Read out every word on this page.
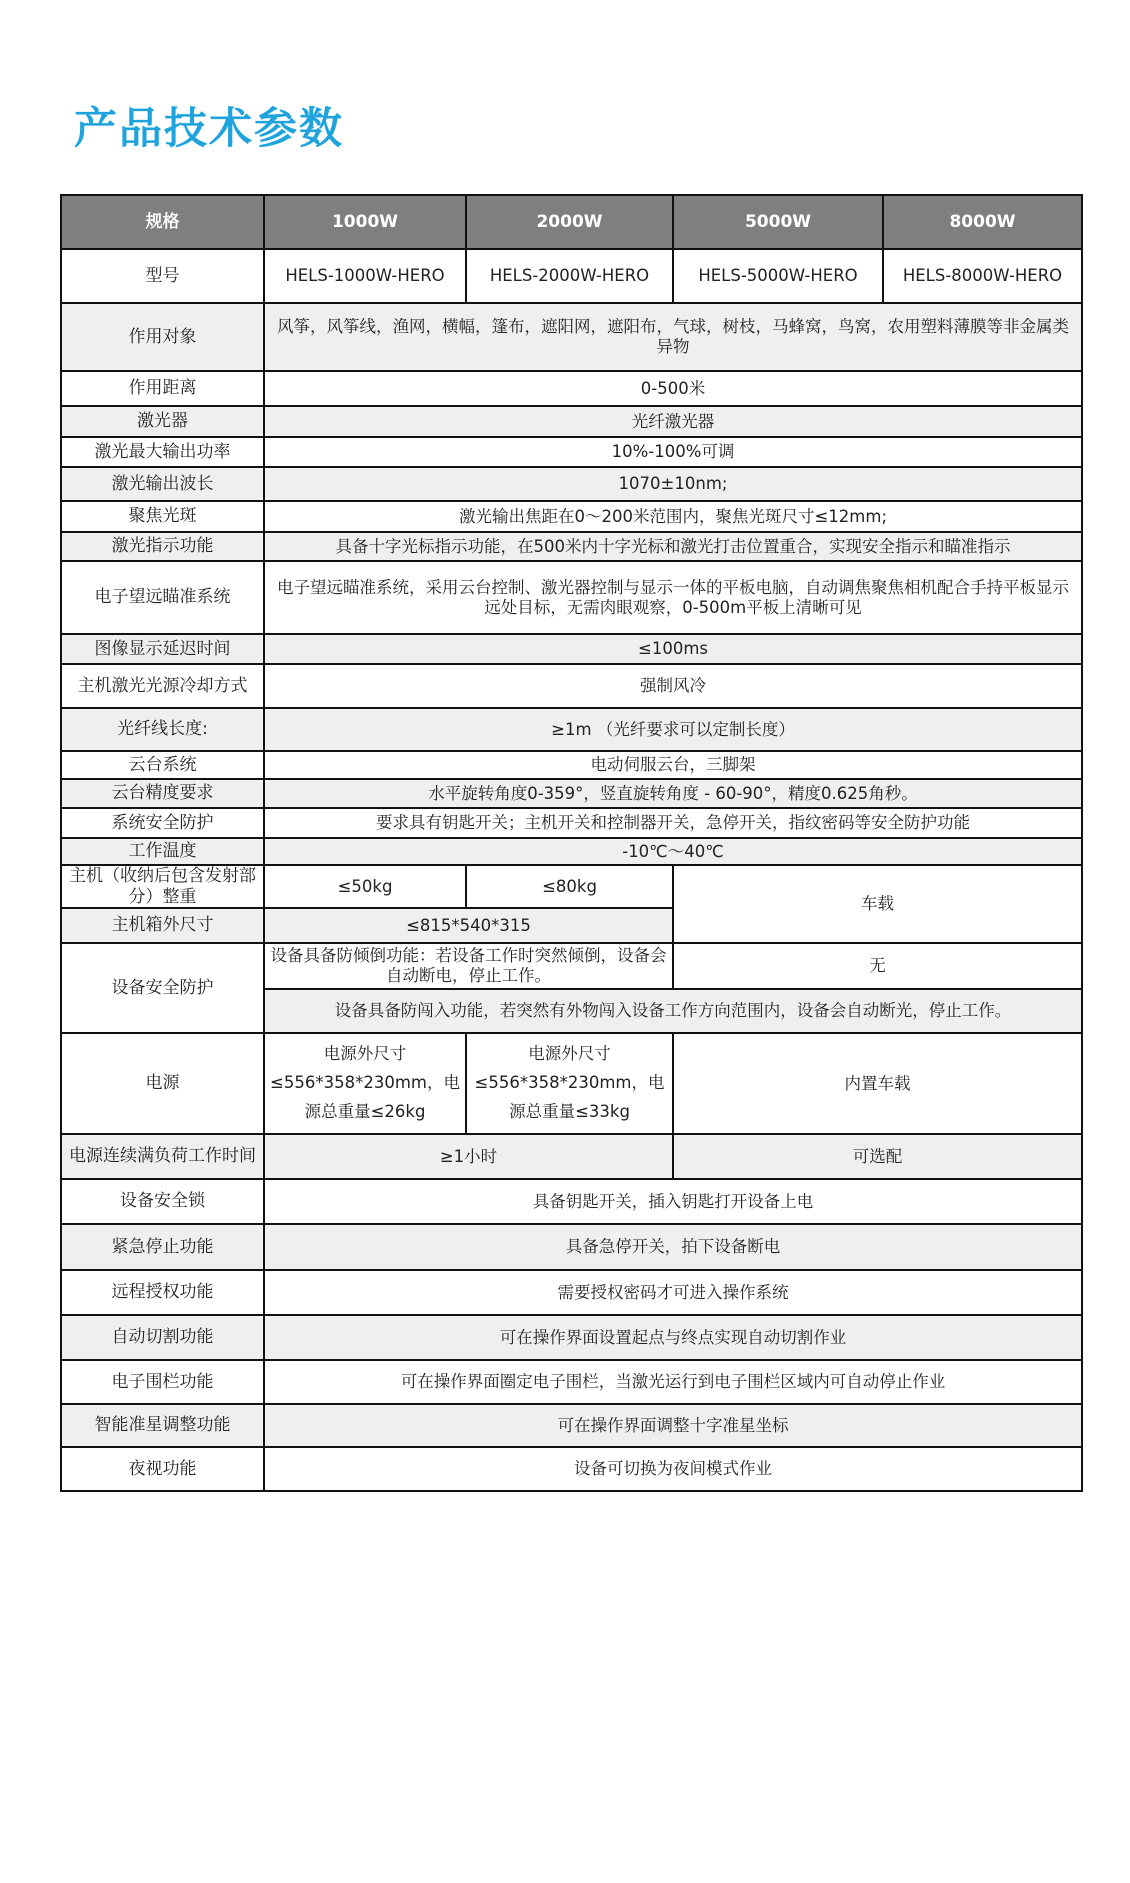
产品技术参数
规格	1000W	2000W	5000W	8000W
型号	HELS-1000W-HERO	HELS-2000W-HERO	HELS-5000W-HERO	HELS-8000W-HERO
作用对象	风筝，风筝线，渔网，横幅，篷布，遮阳网，遮阳布，气球，树枝，马蜂窝，鸟窝，农用塑料薄膜等非金属类异物			
作用距离	0-500米			
激光器	光纤激光器			
激光最大输出功率	10%-100%可调			
激光输出波长	1070±10nm;			
聚焦光斑	激光输出焦距在0～200米范围内，聚焦光斑尺寸≤12mm;			
激光指示功能	具备十字光标指示功能，在500米内十字光标和激光打击位置重合，实现安全指示和瞄准指示			
电子望远瞄准系统	电子望远瞄准系统，采用云台控制、激光器控制与显示一体的平板电脑，自动调焦聚焦相机配合手持平板显示远处目标，无需肉眼观察，0-500m平板上清晰可见			
图像显示延迟时间	≤100ms			
主机激光光源冷却方式	强制风冷			
光纤线长度:	≥1m （光纤要求可以定制长度）			
云台系统	电动伺服云台，三脚架			
云台精度要求	水平旋转角度0-359°，竖直旋转角度 - 60-90°，精度0.625角秒。			
系统安全防护	要求具有钥匙开关；主机开关和控制器开关，急停开关，指纹密码等安全防护功能			
工作温度	-10℃～40℃			
主机（收纳后包含发射部分）整重	≤50kg	≤80kg	车载	
主机箱外尺寸	≤815*540*315			
设备安全防护	设备具备防倾倒功能：若设备工作时突然倾倒，设备会自动断电，停止工作。		无	
	设备具备防闯入功能，若突然有外物闯入设备工作方向范围内，设备会自动断光，停止工作。			
电源	电源外尺寸 ≤556*358*230mm，电源总重量≤26kg	电源外尺寸 ≤556*358*230mm，电源总重量≤33kg	内置车载	
电源连续满负荷工作时间	≥1小时		可选配	
设备安全锁	具备钥匙开关，插入钥匙打开设备上电			
紧急停止功能	具备急停开关，拍下设备断电			
远程授权功能	需要授权密码才可进入操作系统			
自动切割功能	可在操作界面设置起点与终点实现自动切割作业			
电子围栏功能	可在操作界面圈定电子围栏，当激光运行到电子围栏区域内可自动停止作业			
智能准星调整功能	可在操作界面调整十字准星坐标			
夜视功能	设备可切换为夜间模式作业			
